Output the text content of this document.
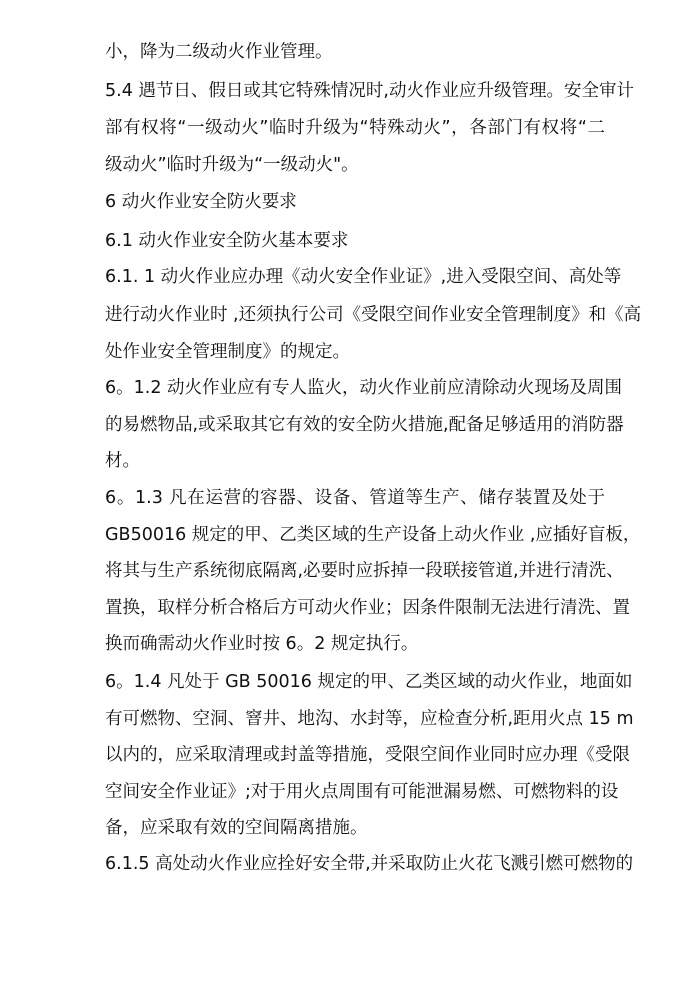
小，降为二级动火作业管理。
5.4 遇节日、假日或其它特殊情况时,动火作业应升级管理。安全审计
部有权将“一级动火”临时升级为“特殊动火”，各部门有权将“二
级动火”临时升级为“一级动火"。
6 动火作业安全防火要求
6.1 动火作业安全防火基本要求
6.1. 1 动火作业应办理《动火安全作业证》,进入受限空间、高处等
进行动火作业时 ,还须执行公司《受限空间作业安全管理制度》和《高
处作业安全管理制度》的规定。
6。1.2 动火作业应有专人监火，动火作业前应清除动火现场及周围
的易燃物品,或采取其它有效的安全防火措施,配备足够适用的消防器
材。
6。1.3 凡在运营的容器、设备、管道等生产、储存装置及处于
GB50016 规定的甲、乙类区域的生产设备上动火作业 ,应插好盲板，
将其与生产系统彻底隔离,必要时应拆掉一段联接管道,并进行清洗、
置换，取样分析合格后方可动火作业；因条件限制无法进行清洗、置
换而确需动火作业时按 6。2 规定执行。
6。1.4 凡处于 GB 50016 规定的甲、乙类区域的动火作业，地面如
有可燃物、空洞、窨井、地沟、水封等，应检查分析,距用火点 15 m
以内的，应采取清理或封盖等措施，受限空间作业同时应办理《受限
空间安全作业证》;对于用火点周围有可能泄漏易燃、可燃物料的设
备，应采取有效的空间隔离措施。
6.1.5 高处动火作业应拴好安全带,并采取防止火花飞溅引燃可燃物的
